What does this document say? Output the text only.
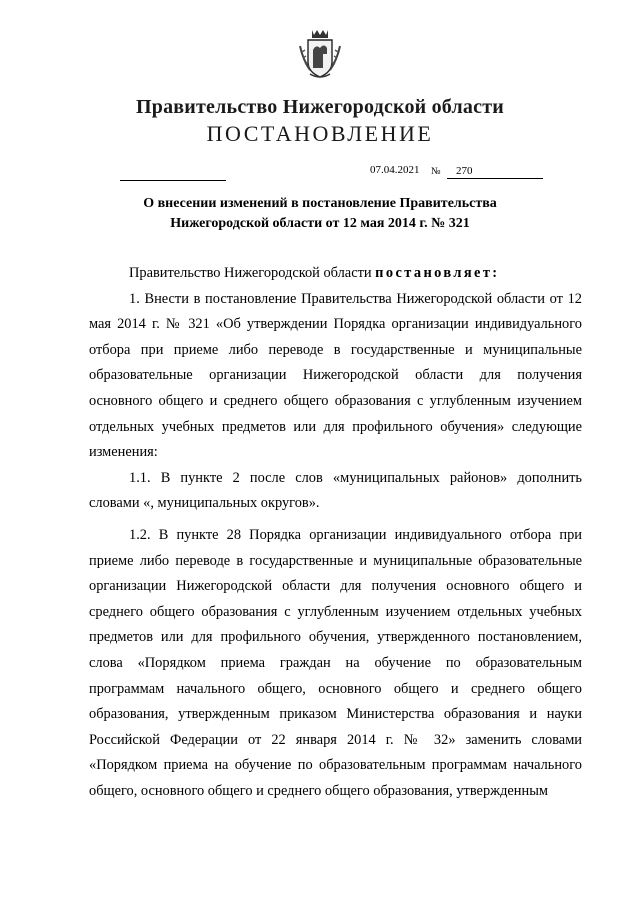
Правительство Нижегородской области
ПОСТАНОВЛЕНИЕ
07.04.2021 №	270
О внесении изменений в постановление Правительства
Нижегородской области от 12 мая 2014 г. № 321

Правительство Нижегородской области постановляет:

1. Внести в постановление Правительства Нижегородской области от 12 мая 2014 г. № 321 «Об утверждении Порядка организации индивидуального отбора при приеме либо переводе в государственные и муниципальные образовательные организации Нижегородской области для получения основного общего и среднего общего образования с углубленным изучением отдельных учебных предметов или для профильного обучения» следующие изменения:

1.1. В пункте 2 после слов «муниципальных районов» дополнить словами «, муниципальных округов».

1.2. В пункте 28 Порядка организации индивидуального отбора при приеме либо переводе в государственные и муниципальные образовательные организации Нижегородской области для получения основного общего и среднего общего образования с углубленным изучением отдельных учебных предметов или для профильного обучения, утвержденного постановлением, слова «Порядком приема граждан на обучение по образовательным программам начального общего, основного общего и среднего общего образования, утвержденным приказом Министерства образования и науки Российской Федерации от 22 января 2014 г. № 32» заменить словами «Порядком приема на обучение по образовательным программам начального общего, основного общего и среднего общего образования, утвержденным
